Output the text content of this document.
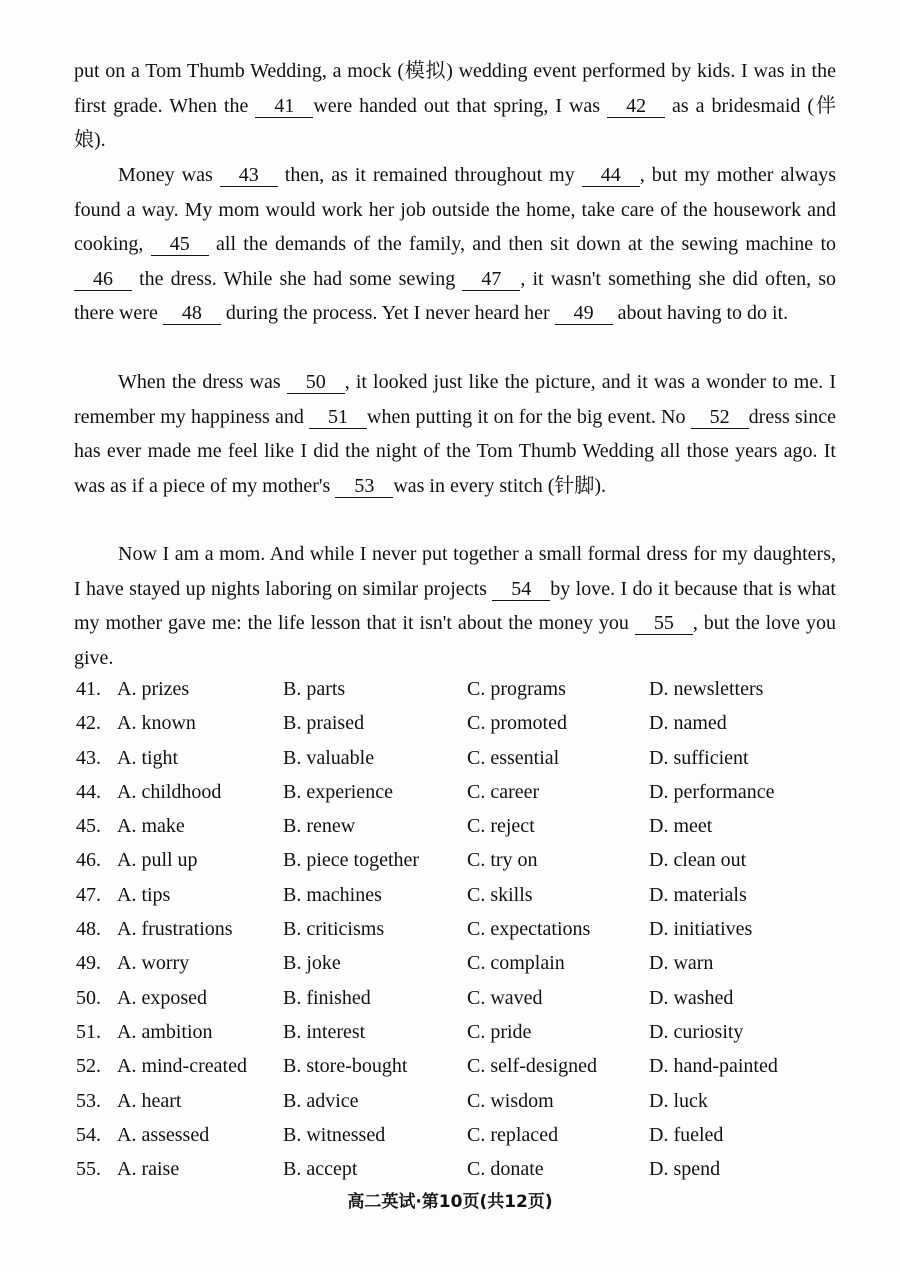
put on a Tom Thumb Wedding, a mock (模拟) wedding event performed by kids. I was in the first grade. When the 41 were handed out that spring, I was 42 as a bridesmaid (伴娘).

Money was 43 then, as it remained throughout my 44 , but my mother always found a way. My mom would work her job outside the home, take care of the housework and cooking, 45 all the demands of the family, and then sit down at the sewing machine to 46 the dress. While she had some sewing 47 , it wasn't something she did often, so there were 48 during the process. Yet I never heard her 49 about having to do it.

When the dress was 50 , it looked just like the picture, and it was a wonder to me. I remember my happiness and 51 when putting it on for the big event. No 52 dress since has ever made me feel like I did the night of the Tom Thumb Wedding all those years ago. It was as if a piece of my mother's 53 was in every stitch (针脚).

Now I am a mom. And while I never put together a small formal dress for my daughters, I have stayed up nights laboring on similar projects 54 by love. I do it because that is what my mother gave me: the life lesson that it isn't about the money you 55 , but the love you give.

41. A. prizes	B. parts	C. programs	D. newsletters
42. A. known	B. praised	C. promoted	D. named
43. A. tight	B. valuable	C. essential	D. sufficient
44. A. childhood	B. experience	C. career	D. performance
45. A. make	B. renew	C. reject	D. meet
46. A. pull up	B. piece together C. try on	D. clean out
47. A. tips	B. machines	C. skills	D. materials
48. A. frustrations	B. criticisms	C. expectations	D. initiatives
49. A. worry	B. joke	C. complain	D. warn
50. A. exposed	B. finished	C. waved	D. washed
51. A. ambition	B. interest	C. pride	D. curiosity
52. A. mind-created B. store-bought	C. self-designed	D. hand-painted
53. A. heart	B. advice	C. wisdom	D. luck
54. A. assessed	B. witnessed	C. replaced	D. fueled
55. A. raise	B. accept	C. donate	D. spend
高二英试·第10页(共12页)
